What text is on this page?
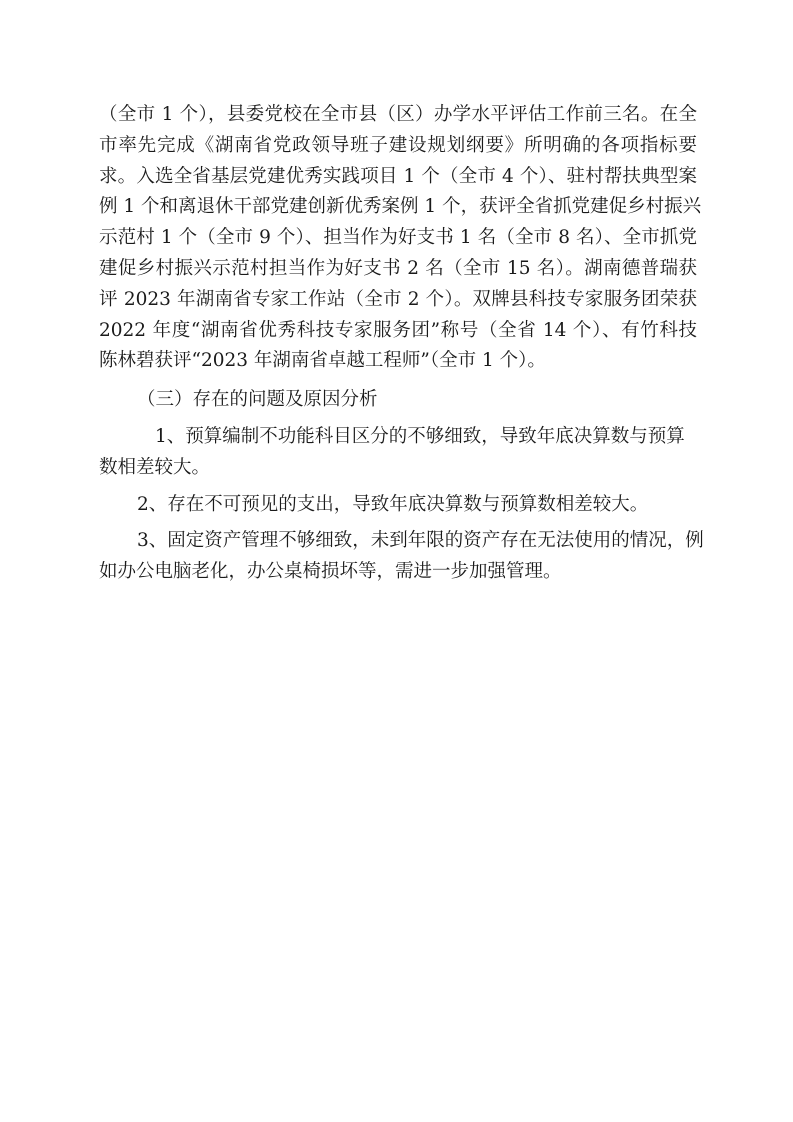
（全市 1 个），县委党校在全市县（区）办学水平评估工作前三名。在全
市率先完成《湖南省党政领导班子建设规划纲要》所明确的各项指标要
求。入选全省基层党建优秀实践项目 1 个（全市 4 个）、驻村帮扶典型案
例 1 个和离退休干部党建创新优秀案例 1 个，获评全省抓党建促乡村振兴
示范村 1 个（全市 9 个）、担当作为好支书 1 名（全市 8 名）、全市抓党
建促乡村振兴示范村担当作为好支书 2 名（全市 15 名）。湖南德普瑞获
评 2023 年湖南省专家工作站（全市 2 个）。双牌县科技专家服务团荣获
2022 年度“湖南省优秀科技专家服务团”称号（全省 14 个）、有竹科技
陈林碧获评“2023 年湖南省卓越工程师”（全市 1 个）。
（三）存在的问题及原因分析
1、预算编制不功能科目区分的不够细致，导致年底决算数与预算
数相差较大。
2、存在不可预见的支出，导致年底决算数与预算数相差较大。
3、固定资产管理不够细致，未到年限的资产存在无法使用的情况，例
如办公电脑老化，办公桌椅损坏等，需进一步加强管理。
